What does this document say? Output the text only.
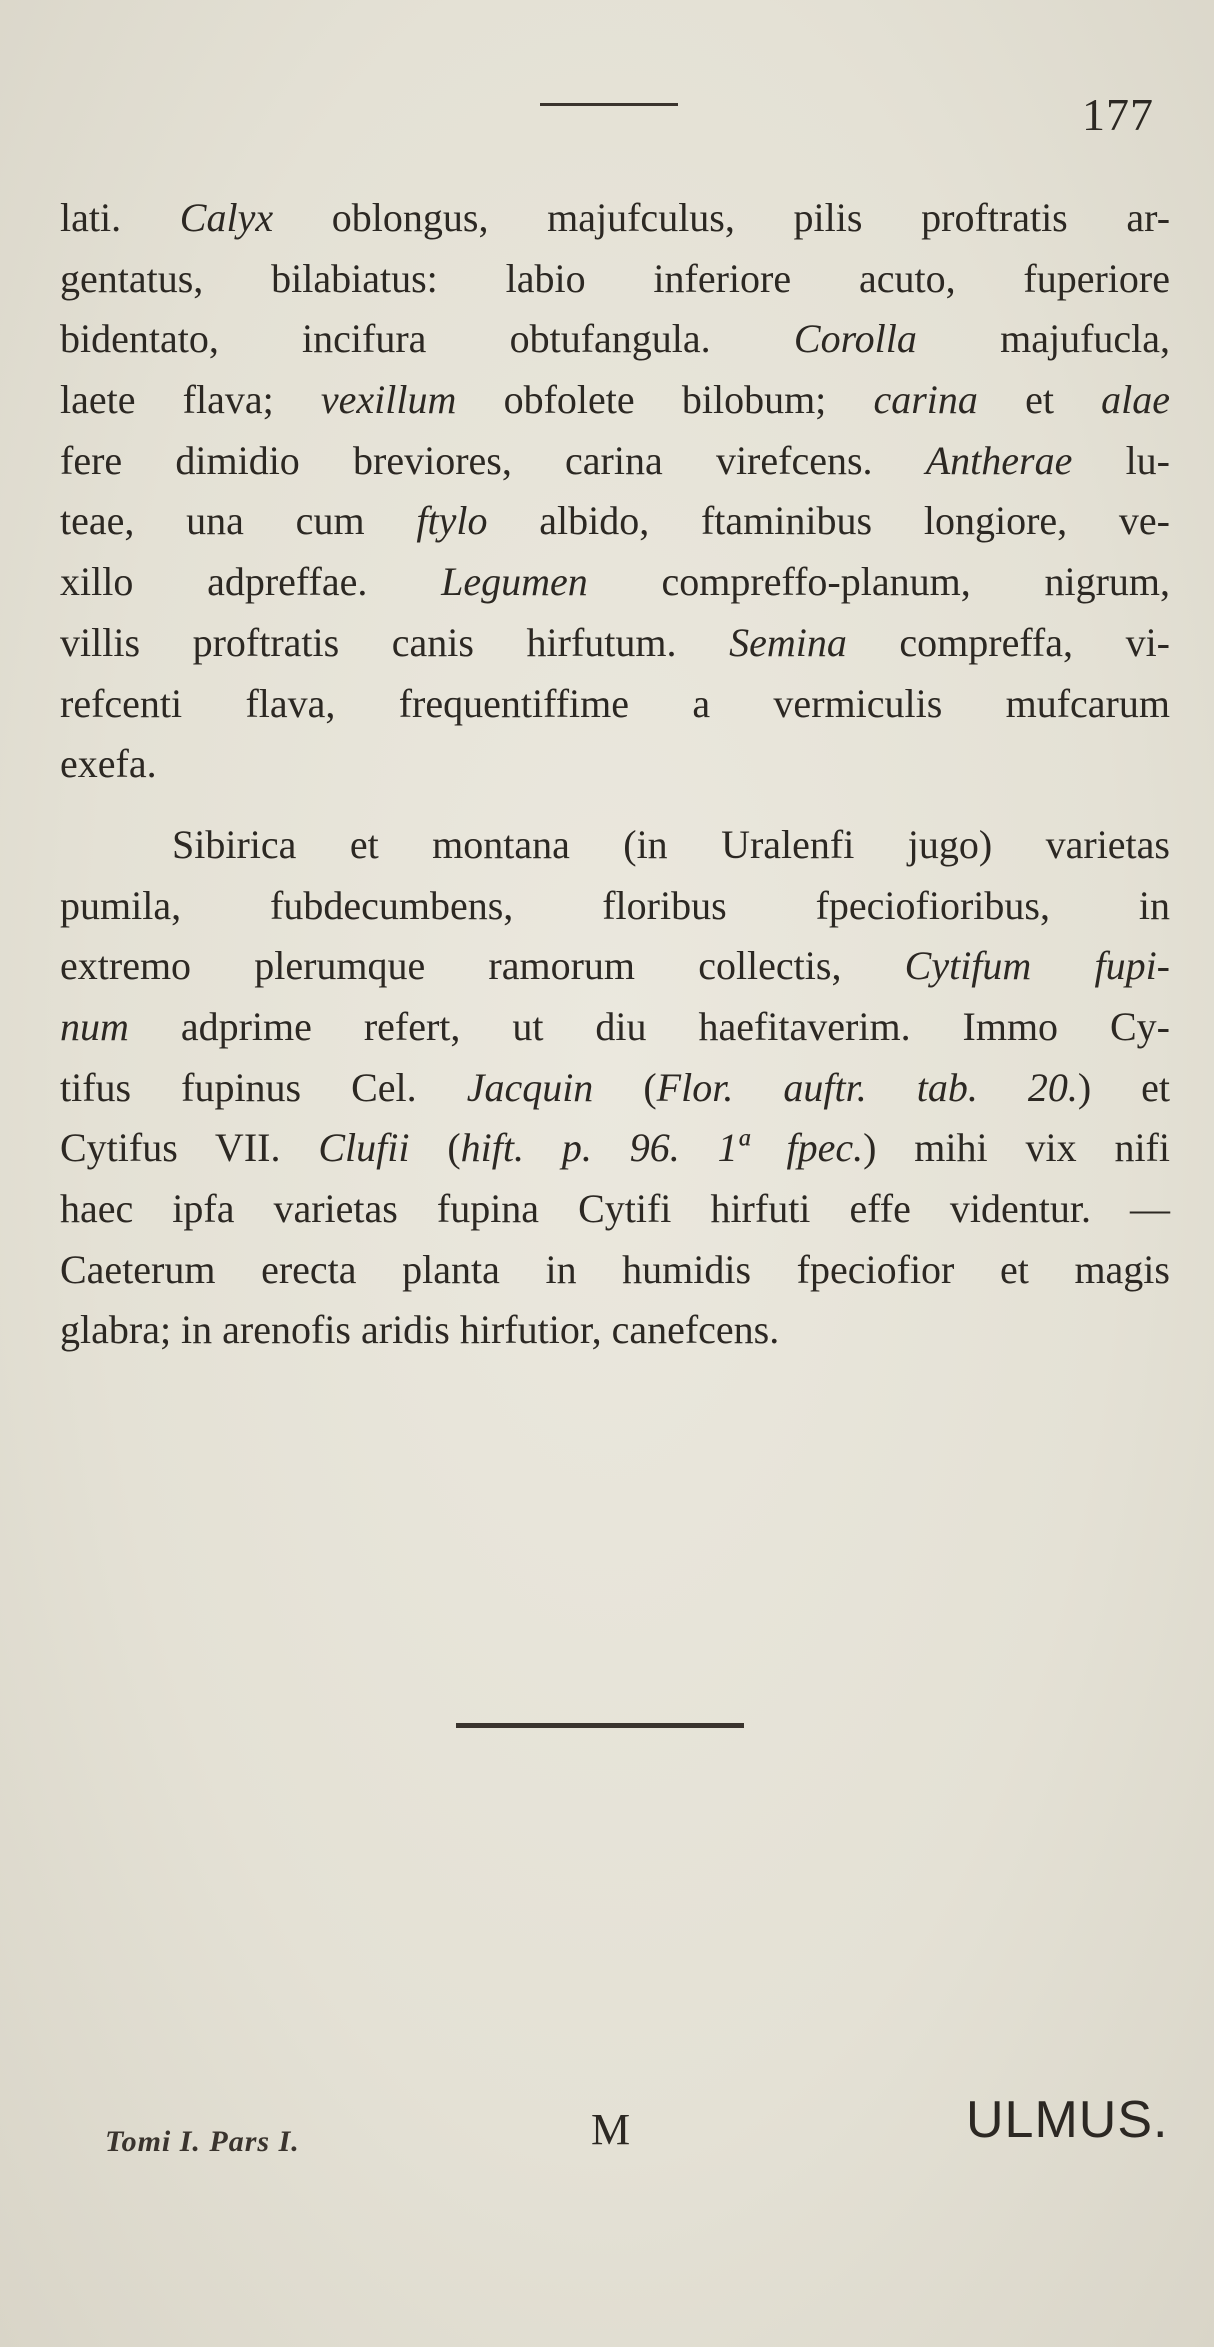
177
lati. Calyx oblongus, majufculus, pilis proftratis ar-
gentatus, bilabiatus: labio inferiore acuto, fuperiore
bidentato, incifura obtufangula. Corolla majufucla,
laete flava; vexillum obfolete bilobum; carina et alae
fere dimidio breviores, carina virefcens. Antherae lu-
teae, una cum ftylo albido, ftaminibus longiore, ve-
xillo adpreffae. Legumen compreffo-planum, nigrum,
villis proftratis canis hirfutum. Semina compreffa, vi-
refcenti flava, frequentiffime a vermiculis mufcarum
exefa.
Sibirica et montana (in Uralenfi jugo) varietas
pumila, fubdecumbens, floribus fpeciofioribus, in
extremo plerumque ramorum collectis, Cytifum fupi-
num adprime refert, ut diu haefitaverim. Immo Cy-
tifus fupinus Cel. Jacquin (Flor. auftr. tab. 20.) et
Cytifus VII. Clufii (hift. p. 96. 1ª fpec.) mihi vix nifi
haec ipfa varietas fupina Cytifi hirfuti effe videntur. —
Caeterum erecta planta in humidis fpeciofior et magis
glabra; in arenofis aridis hirfutior, canefcens.
Tomi I. Pars I.	M	ULMUS.
